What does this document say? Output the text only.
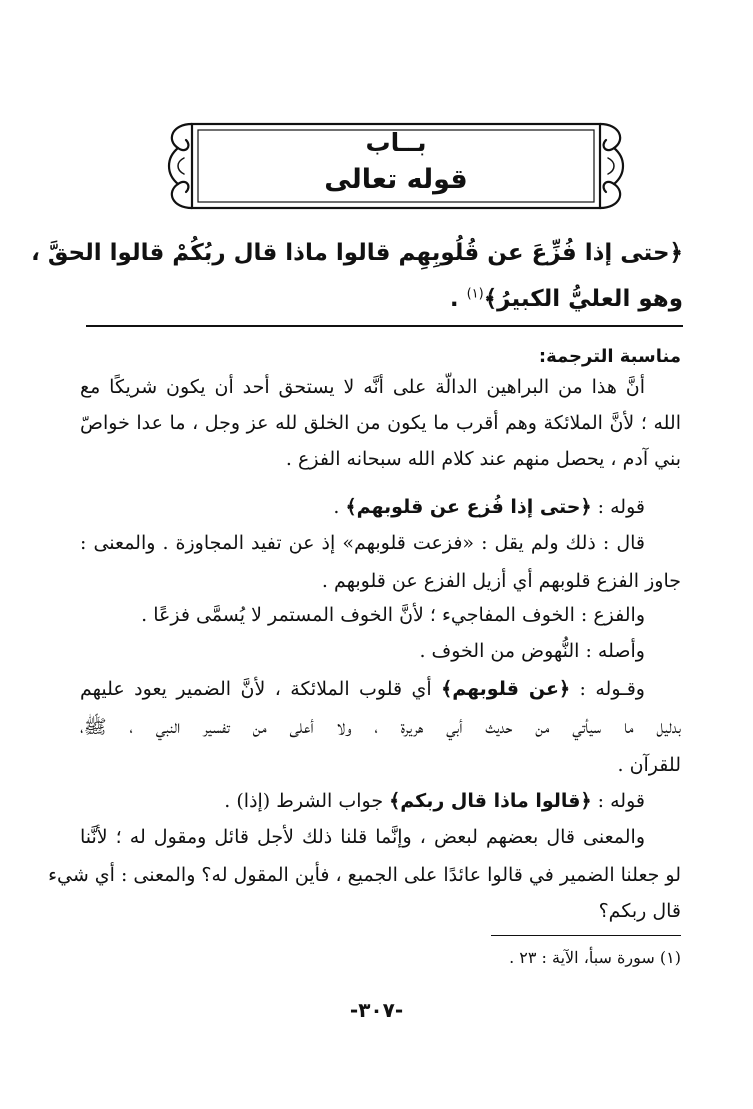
بــاب
قوله تعالى
﴿حتى إذا فُزِّعَ عن قُلُوبِهِم قالوا ماذا قال ربُكُمْ قالوا الحقَّ ،
وهو العليُّ الكبيرُ﴾$^{(١)}$ .
مناسبة الترجمة:
أنَّ هذا من البراهين الدالّة على أنَّه لا يستحق أحد أن يكون شريكًا مع
الله ؛ لأنَّ الملائكة وهم أقرب ما يكون من الخلق لله عز وجل ، ما عدا خواصّ
بني آدم ، يحصل منهم عند كلام الله سبحانه الفزع .
قوله : ﴿حتى إذا فُزع عن قلوبهم﴾ .
قال : ذلك ولم يقل : «فزعت قلوبهم» إذ عن تفيد المجاوزة . والمعنى :
جاوز الفزع قلوبهم أي أزيل الفزع عن قلوبهم .
والفزع : الخوف المفاجيء ؛ لأنَّ الخوف المستمر لا يُسمَّى فزعًا .
وأصله : النُّهوض من الخوف .
وقـوله : ﴿عن قلوبهم﴾ أي قلوب الملائكة ، لأنَّ الضمير يعود عليهم
بدليل ما سيأتي من حديث أبي هريرة ، ولا أعلى من تفسير النبي ، ﷺ،
للقرآن .
قوله : ﴿قالوا ماذا قال ربكم﴾ جواب الشرط (إذا) .
والمعنى قال بعضهم لبعض ، وإنَّما قلنا ذلك لأجل قائل ومقول له ؛ لأنَّنا
لو جعلنا الضمير في قالوا عائدًا على الجميع ، فأين المقول له؟ والمعنى : أي شيء
قال ربكم؟
(١) سورة سبأ، الآية : ٢٣ .
-٣٠٧-
